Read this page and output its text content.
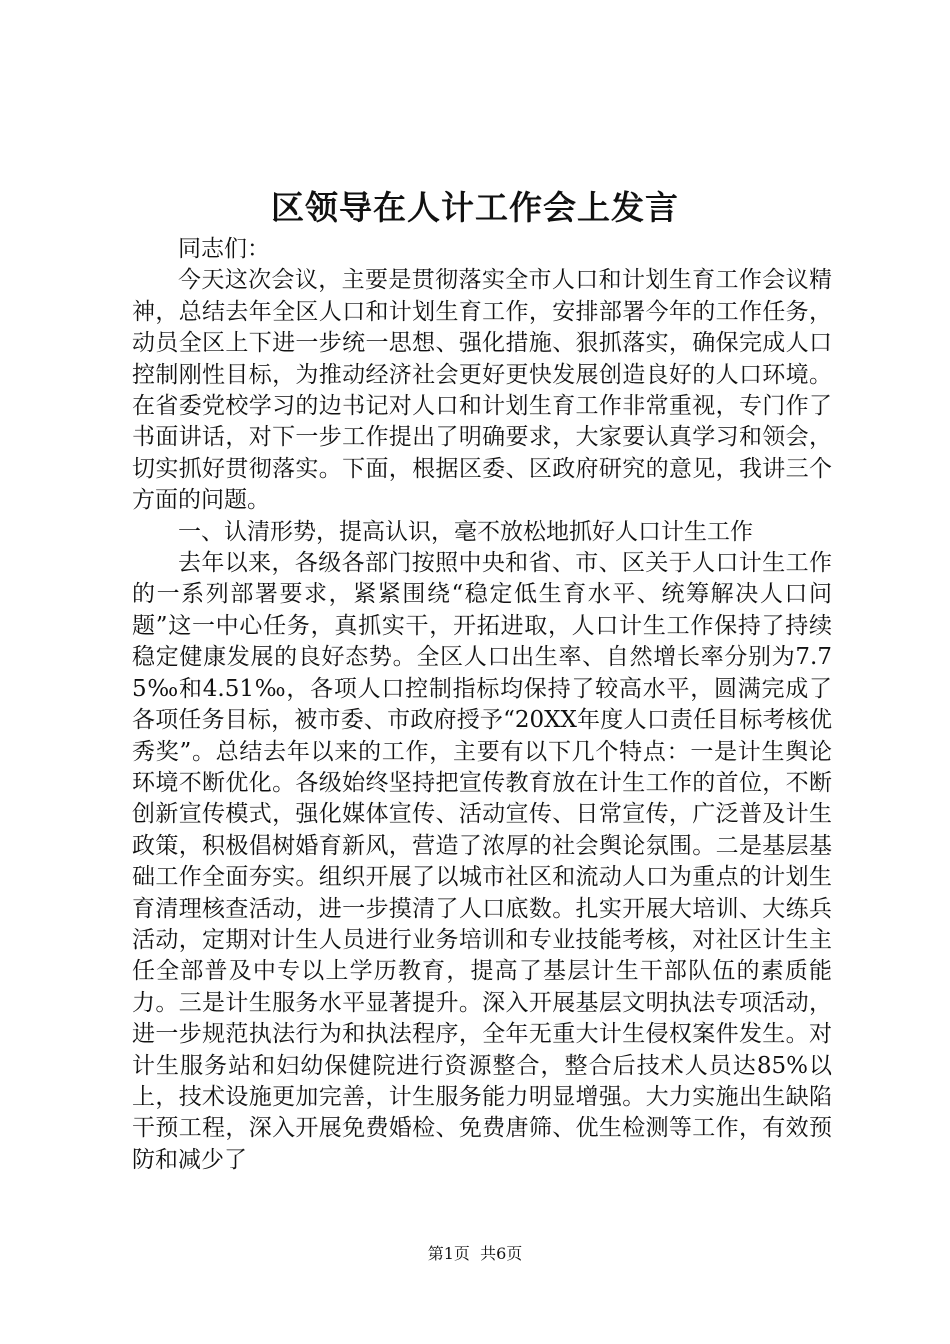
区领导在人计工作会上发言

同志们：

今天这次会议，主要是贯彻落实全市人口和计划生育工作会议精神，总结去年全区人口和计划生育工作，安排部署今年的工作任务，动员全区上下进一步统一思想、强化措施、狠抓落实，确保完成人口控制刚性目标，为推动经济社会更好更快发展创造良好的人口环境。在省委党校学习的边书记对人口和计划生育工作非常重视，专门作了书面讲话，对下一步工作提出了明确要求，大家要认真学习和领会，切实抓好贯彻落实。下面，根据区委、区政府研究的意见，我讲三个方面的问题。

一、认清形势，提高认识，毫不放松地抓好人口计生工作

去年以来，各级各部门按照中央和省、市、区关于人口计生工作的一系列部署要求，紧紧围绕“稳定低生育水平、统筹解决人口问题”这一中心任务，真抓实干，开拓进取，人口计生工作保持了持续稳定健康发展的良好态势。全区人口出生率、自然增长率分别为7.75‰和4.51‰，各项人口控制指标均保持了较高水平，圆满完成了各项任务目标，被市委、市政府授予“20XX年度人口责任目标考核优秀奖”。总结去年以来的工作，主要有以下几个特点：一是计生舆论环境不断优化。各级始终坚持把宣传教育放在计生工作的首位，不断创新宣传模式，强化媒体宣传、活动宣传、日常宣传，广泛普及计生政策，积极倡树婚育新风，营造了浓厚的社会舆论氛围。二是基层基础工作全面夯实。组织开展了以城市社区和流动人口为重点的计划生育清理核查活动，进一步摸清了人口底数。扎实开展大培训、大练兵活动，定期对计生人员进行业务培训和专业技能考核，对社区计生主任全部普及中专以上学历教育，提高了基层计生干部队伍的素质能力。三是计生服务水平显著提升。深入开展基层文明执法专项活动，进一步规范执法行为和执法程序，全年无重大计生侵权案件发生。对计生服务站和妇幼保健院进行资源整合，整合后技术人员达85%以上，技术设施更加完善，计生服务能力明显增强。大力实施出生缺陷干预工程，深入开展免费婚检、免费唐筛、优生检测等工作，有效预防和减少了

第1页  共6页
